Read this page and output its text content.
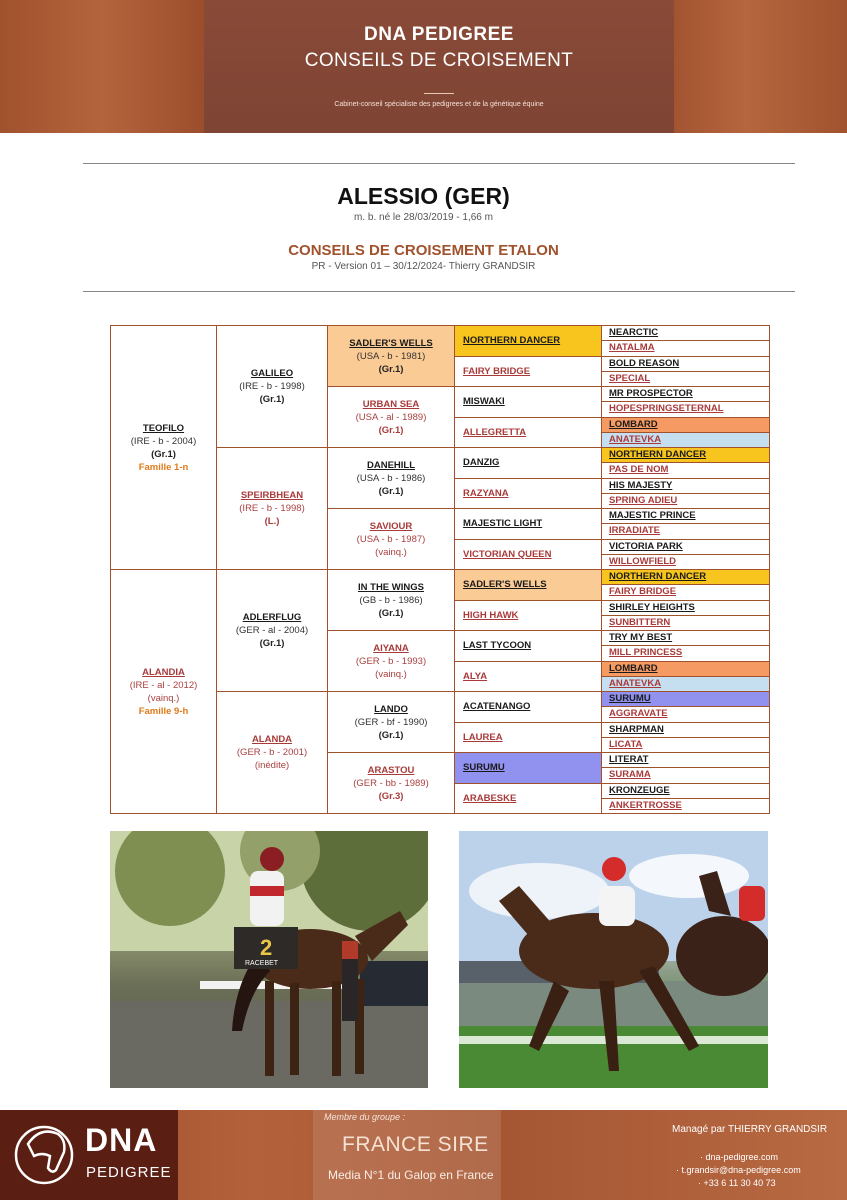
DNA PEDIGREE
CONSEILS DE CROISEMENT
Cabinet-conseil spécialiste des pedigrees et de la génétique équine
ALESSIO (GER)
m. b. né le 28/03/2019 - 1,66 m
CONSEILS DE CROISEMENT ETALON
PR - Version 01 – 30/12/2024- Thierry GRANDSIR
TEOFILO
(IRE - b - 2004)
(Gr.1)
Famille 1-n
ALANDIA
(IRE - al - 2012)
(vainq.)
Famille 9-h
GALILEO
(IRE - b - 1998)
(Gr.1)
SPEIRBHEAN
(IRE - b - 1998)
(L.)
ADLERFLUG
(GER - al - 2004)
(Gr.1)
ALANDA
(GER - b - 2001)
(inédite)
SADLER'S WELLS
(USA - b - 1981)
(Gr.1)
URBAN SEA
(USA - al - 1989)
(Gr.1)
DANEHILL
(USA - b - 1986)
(Gr.1)
SAVIOUR
(USA - b - 1987)
(vainq.)
IN THE WINGS
(GB - b - 1986)
(Gr.1)
AIYANA
(GER - b - 1993)
(vainq.)
LANDO
(GER - bf - 1990)
(Gr.1)
ARASTOU
(GER - bb - 1989)
(Gr.3)
NORTHERN DANCER
FAIRY BRIDGE
MISWAKI
ALLEGRETTA
DANZIG
RAZYANA
MAJESTIC LIGHT
VICTORIAN QUEEN
SADLER'S WELLS
HIGH HAWK
LAST TYCOON
ALYA
ACATENANGO
LAUREA
SURUMU
ARABESKE
NEARCTIC
NATALMA
BOLD REASON
SPECIAL
MR PROSPECTOR
HOPESPRINGSETERNAL
LOMBARD
ANATEVKA
NORTHERN DANCER
PAS DE NOM
HIS MAJESTY
SPRING ADIEU
MAJESTIC PRINCE
IRRADIATE
VICTORIA PARK
WILLOWFIELD
NORTHERN DANCER
FAIRY BRIDGE
SHIRLEY HEIGHTS
SUNBITTERN
TRY MY BEST
MILL PRINCESS
LOMBARD
ANATEVKA
SURUMU
AGGRAVATE
SHARPMAN
LICATA
LITERAT
SURAMA
KRONZEUGE
ANKERTROSSE
2
RACEBET
DNA
PEDIGREE
Membre du groupe :
FRANCE SIRE
Media N°1 du Galop en France
Managé par THIERRY GRANDSIR
· dna-pedigree.com
· t.grandsir@dna-pedigree.com
· +33 6 11 30 40 73
